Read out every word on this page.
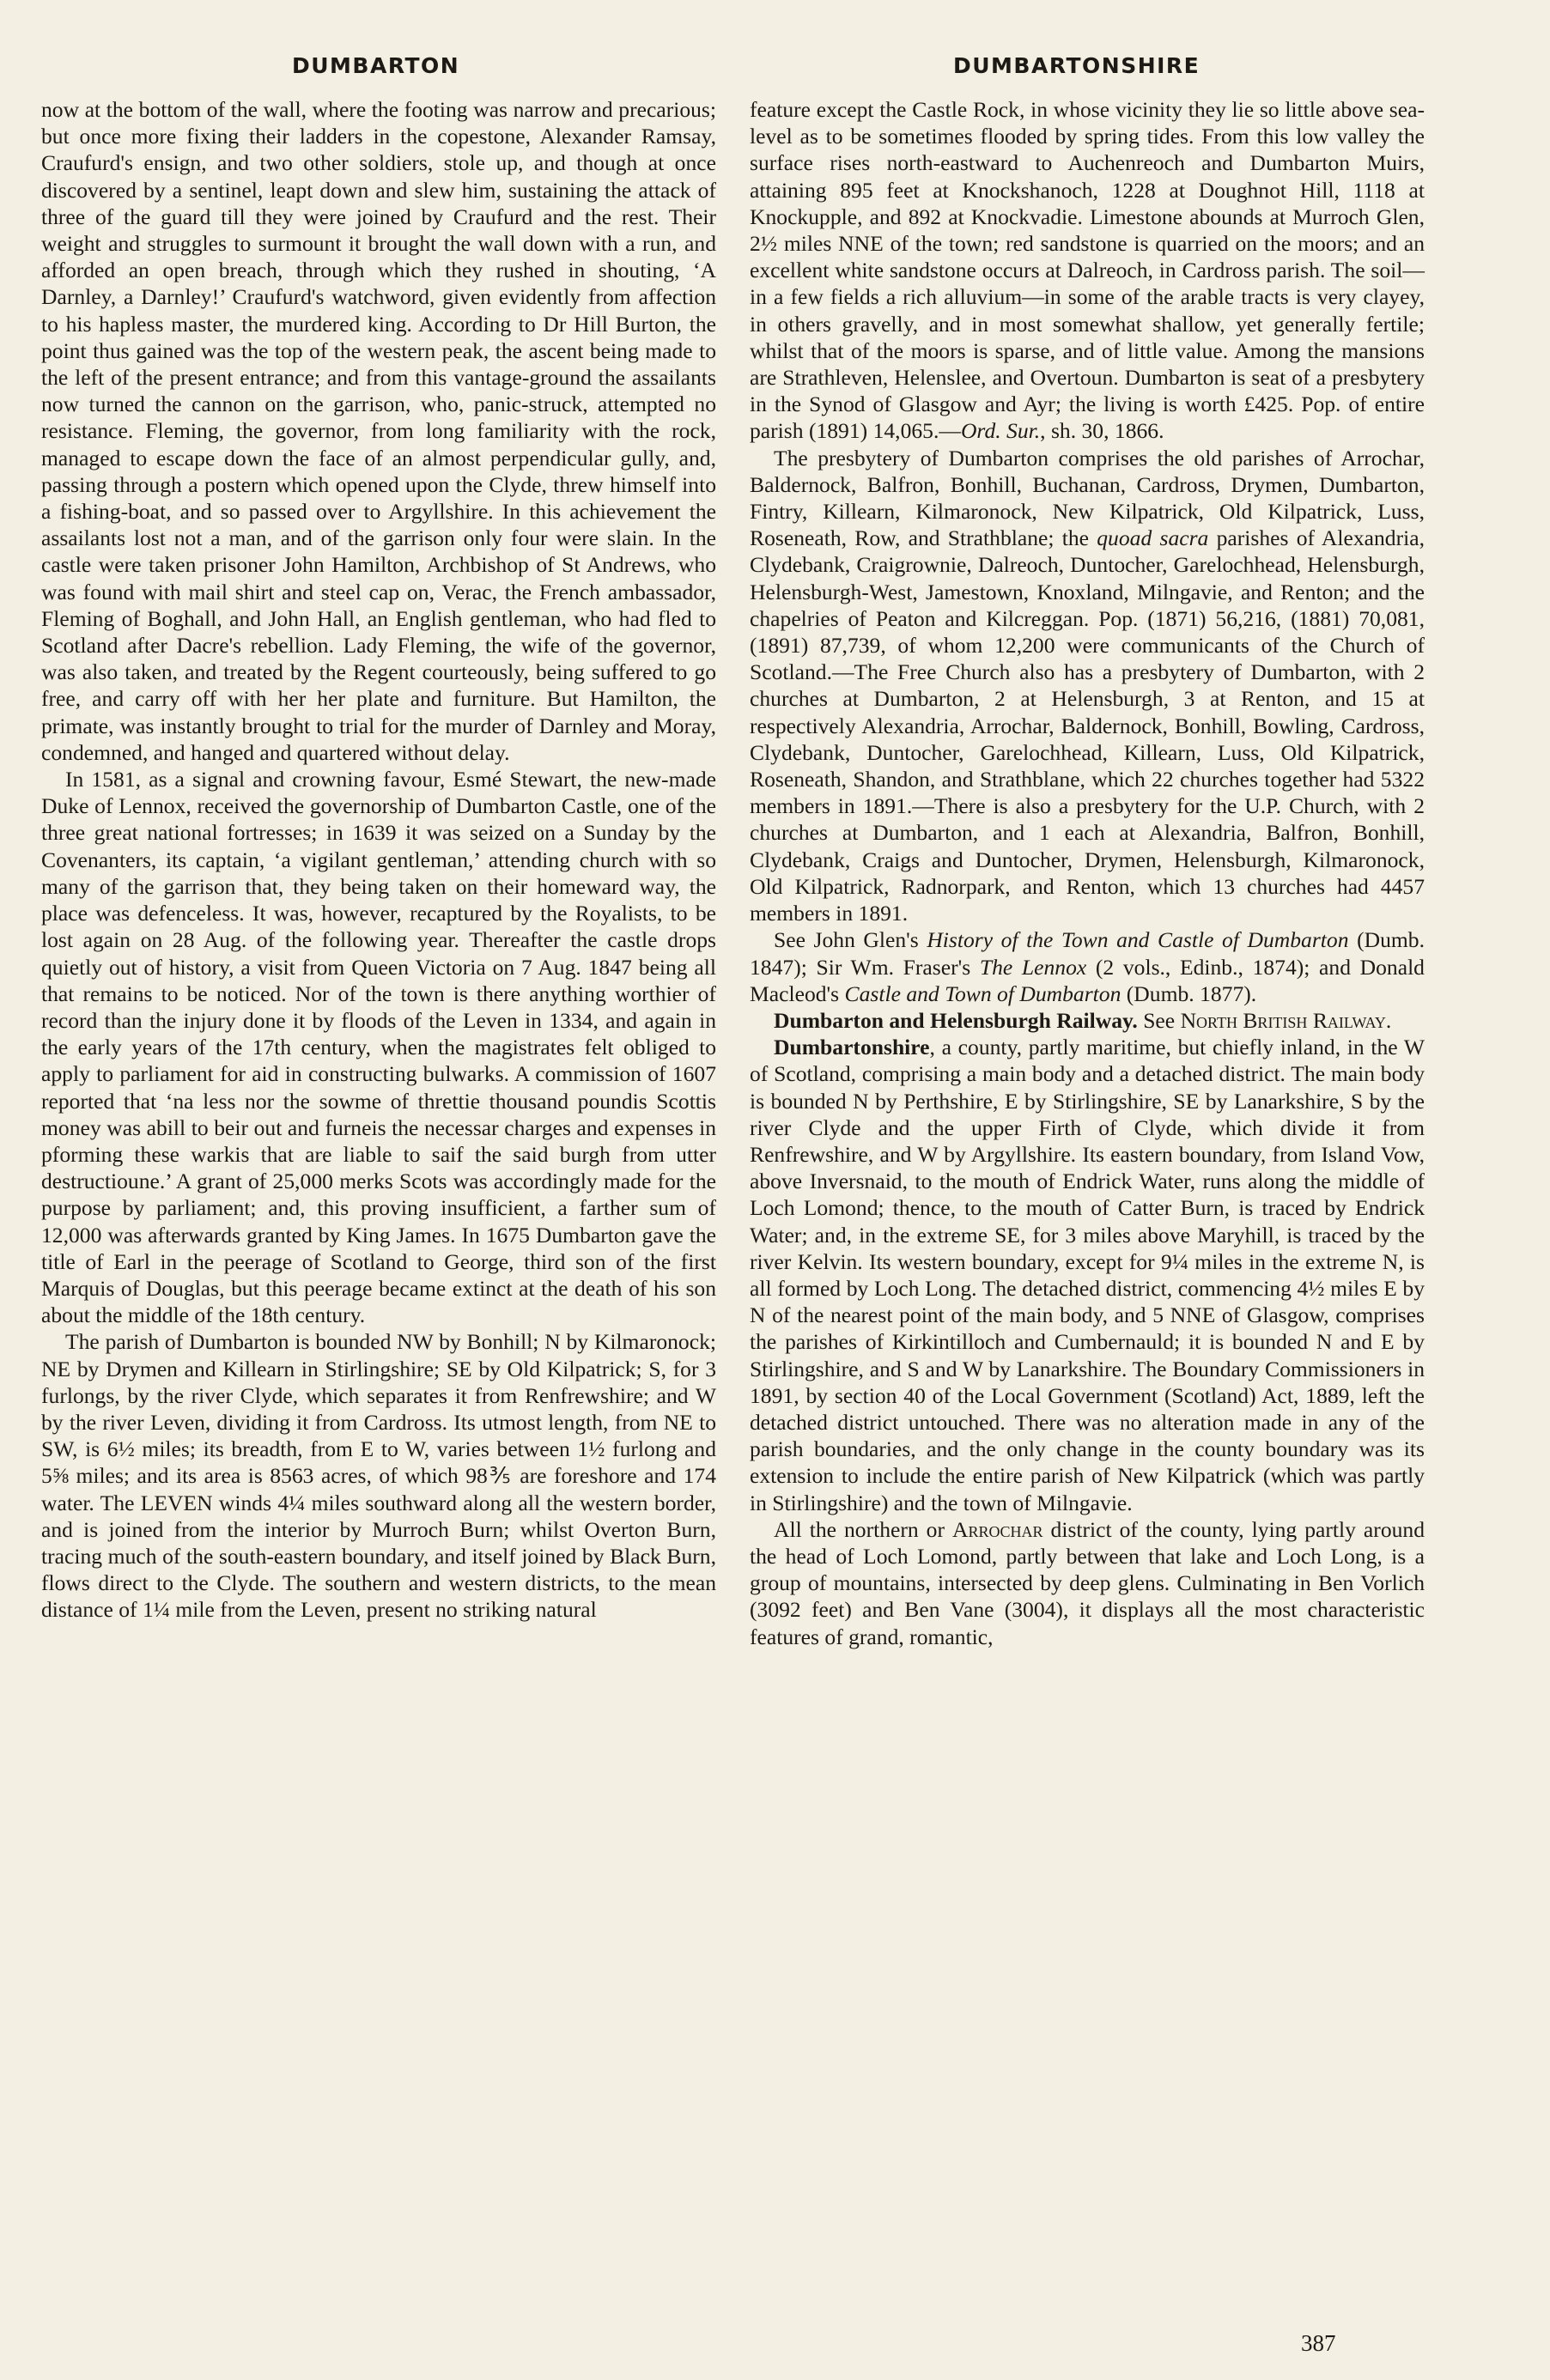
DUMBARTON	DUMBARTONSHIRE

now at the bottom of the wall, where the footing was narrow and precarious; but once more fixing their ladders in the copestone, Alexander Ramsay, Craufurd's ensign, and two other soldiers, stole up, and though at once discovered by a sentinel, leapt down and slew him, sustaining the attack of three of the guard till they were joined by Craufurd and the rest. Their weight and struggles to surmount it brought the wall down with a run, and afforded an open breach, through which they rushed in shouting, ‘A Darnley, a Darnley!’ Craufurd's watchword, given evidently from affection to his hapless master, the murdered king. According to Dr Hill Burton, the point thus gained was the top of the western peak, the ascent being made to the left of the present entrance; and from this vantage-ground the assailants now turned the cannon on the garrison, who, panic-struck, attempted no resistance. Fleming, the governor, from long familiarity with the rock, managed to escape down the face of an almost perpendicular gully, and, passing through a postern which opened upon the Clyde, threw himself into a fishing-boat, and so passed over to Argyllshire. In this achievement the assailants lost not a man, and of the garrison only four were slain. In the castle were taken prisoner John Hamilton, Archbishop of St Andrews, who was found with mail shirt and steel cap on, Verac, the French ambassador, Fleming of Boghall, and John Hall, an English gentleman, who had fled to Scotland after Dacre's rebellion. Lady Fleming, the wife of the governor, was also taken, and treated by the Regent courteously, being suffered to go free, and carry off with her her plate and furniture. But Hamilton, the primate, was instantly brought to trial for the murder of Darnley and Moray, condemned, and hanged and quartered without delay.

In 1581, as a signal and crowning favour, Esmé Stewart, the new-made Duke of Lennox, received the governorship of Dumbarton Castle, one of the three great national fortresses; in 1639 it was seized on a Sunday by the Covenanters, its captain, ‘a vigilant gentleman,’ attending church with so many of the garrison that, they being taken on their homeward way, the place was defenceless. It was, however, recaptured by the Royalists, to be lost again on 28 Aug. of the following year. Thereafter the castle drops quietly out of history, a visit from Queen Victoria on 7 Aug. 1847 being all that remains to be noticed. Nor of the town is there anything worthier of record than the injury done it by floods of the Leven in 1334, and again in the early years of the 17th century, when the magistrates felt obliged to apply to parliament for aid in constructing bulwarks. A commission of 1607 reported that ‘na less nor the sowme of threttie thousand poundis Scottis money was abill to beir out and furneis the necessar charges and expenses in pforming these warkis that are liable to saif the said burgh from utter destructioune.’ A grant of 25,000 merks Scots was accordingly made for the purpose by parliament; and, this proving insufficient, a farther sum of 12,000 was afterwards granted by King James. In 1675 Dumbarton gave the title of Earl in the peerage of Scotland to George, third son of the first Marquis of Douglas, but this peerage became extinct at the death of his son about the middle of the 18th century.

The parish of Dumbarton is bounded NW by Bonhill; N by Kilmaronock; NE by Drymen and Killearn in Stirlingshire; SE by Old Kilpatrick; S, for 3 furlongs, by the river Clyde, which separates it from Renfrewshire; and W by the river Leven, dividing it from Cardross. Its utmost length, from NE to SW, is 6½ miles; its breadth, from E to W, varies between 1½ furlong and 5⅝ miles; and its area is 8563 acres, of which 98⅗ are foreshore and 174 water. The LEVEN winds 4¼ miles southward along all the western border, and is joined from the interior by Murroch Burn; whilst Overton Burn, tracing much of the south-eastern boundary, and itself joined by Black Burn, flows direct to the Clyde. The southern and western districts, to the mean distance of 1¼ mile from the Leven, present no striking natural

feature except the Castle Rock, in whose vicinity they lie so little above sea-level as to be sometimes flooded by spring tides. From this low valley the surface rises north-eastward to Auchenreoch and Dumbarton Muirs, attaining 895 feet at Knockshanoch, 1228 at Doughnot Hill, 1118 at Knockupple, and 892 at Knockvadie. Limestone abounds at Murroch Glen, 2½ miles NNE of the town; red sandstone is quarried on the moors; and an excellent white sandstone occurs at Dalreoch, in Cardross parish. The soil—in a few fields a rich alluvium—in some of the arable tracts is very clayey, in others gravelly, and in most somewhat shallow, yet generally fertile; whilst that of the moors is sparse, and of little value. Among the mansions are Strathleven, Helenslee, and Overtoun. Dumbarton is seat of a presbytery in the Synod of Glasgow and Ayr; the living is worth £425. Pop. of entire parish (1891) 14,065.—Ord. Sur., sh. 30, 1866.

The presbytery of Dumbarton comprises the old parishes of Arrochar, Baldernock, Balfron, Bonhill, Buchanan, Cardross, Drymen, Dumbarton, Fintry, Killearn, Kilmaronock, New Kilpatrick, Old Kilpatrick, Luss, Roseneath, Row, and Strathblane; the quoad sacra parishes of Alexandria, Clydebank, Craigrownie, Dalreoch, Duntocher, Garelochhead, Helensburgh, Helensburgh-West, Jamestown, Knoxland, Milngavie, and Renton; and the chapelries of Peaton and Kilcreggan. Pop. (1871) 56,216, (1881) 70,081, (1891) 87,739, of whom 12,200 were communicants of the Church of Scotland.—The Free Church also has a presbytery of Dumbarton, with 2 churches at Dumbarton, 2 at Helensburgh, 3 at Renton, and 15 at respectively Alexandria, Arrochar, Baldernock, Bonhill, Bowling, Cardross, Clydebank, Duntocher, Garelochhead, Killearn, Luss, Old Kilpatrick, Roseneath, Shandon, and Strathblane, which 22 churches together had 5322 members in 1891.—There is also a presbytery for the U.P. Church, with 2 churches at Dumbarton, and 1 each at Alexandria, Balfron, Bonhill, Clydebank, Craigs and Duntocher, Drymen, Helensburgh, Kilmaronock, Old Kilpatrick, Radnorpark, and Renton, which 13 churches had 4457 members in 1891.

See John Glen's History of the Town and Castle of Dumbarton (Dumb. 1847); Sir Wm. Fraser's The Lennox (2 vols., Edinb., 1874); and Donald Macleod's Castle and Town of Dumbarton (Dumb. 1877).

Dumbarton and Helensburgh Railway. See North British Railway.

Dumbartonshire, a county, partly maritime, but chiefly inland, in the W of Scotland, comprising a main body and a detached district. The main body is bounded N by Perthshire, E by Stirlingshire, SE by Lanarkshire, S by the river Clyde and the upper Firth of Clyde, which divide it from Renfrewshire, and W by Argyllshire. Its eastern boundary, from Island Vow, above Inversnaid, to the mouth of Endrick Water, runs along the middle of Loch Lomond; thence, to the mouth of Catter Burn, is traced by Endrick Water; and, in the extreme SE, for 3 miles above Maryhill, is traced by the river Kelvin. Its western boundary, except for 9¼ miles in the extreme N, is all formed by Loch Long. The detached district, commencing 4½ miles E by N of the nearest point of the main body, and 5 NNE of Glasgow, comprises the parishes of Kirkintilloch and Cumbernauld; it is bounded N and E by Stirlingshire, and S and W by Lanarkshire. The Boundary Commissioners in 1891, by section 40 of the Local Government (Scotland) Act, 1889, left the detached district untouched. There was no alteration made in any of the parish boundaries, and the only change in the county boundary was its extension to include the entire parish of New Kilpatrick (which was partly in Stirlingshire) and the town of Milngavie.

All the northern or Arrochar district of the county, lying partly around the head of Loch Lomond, partly between that lake and Loch Long, is a group of mountains, intersected by deep glens. Culminating in Ben Vorlich (3092 feet) and Ben Vane (3004), it displays all the most characteristic features of grand, romantic,

387
